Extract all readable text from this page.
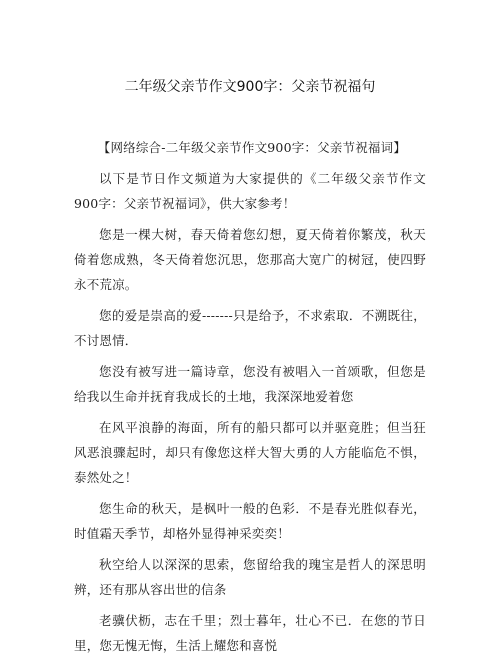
二年级父亲节作文900字：父亲节祝福句

【网络综合-二年级父亲节作文900字：父亲节祝福词】

以下是节日作文频道为大家提供的《二年级父亲节作文900字：父亲节祝福词》，供大家参考！

您是一棵大树，春天倚着您幻想，夏天倚着你繁茂，秋天倚着您成熟，冬天倚着您沉思，您那高大宽广的树冠，使四野永不荒凉。

您的爱是崇高的爱-------只是给予，不求索取．不溯既往，不讨恩情．

您没有被写进一篇诗章，您没有被唱入一首颂歌，但您是给我以生命并抚育我成长的土地，我深深地爱着您

在风平浪静的海面，所有的船只都可以并驱竟胜；但当狂风恶浪骤起时，却只有像您这样大智大勇的人方能临危不惧，泰然处之！

您生命的秋天，是枫叶一般的色彩．不是春光胜似春光，时值霜天季节，却格外显得神采奕奕！

秋空给人以深深的思索，您留给我的瑰宝是哲人的深思明辨，还有那从容出世的信条

老骥伏枥，志在千里；烈士暮年，壮心不已．在您的节日里，您无愧无悔，生活上耀您和喜悦
